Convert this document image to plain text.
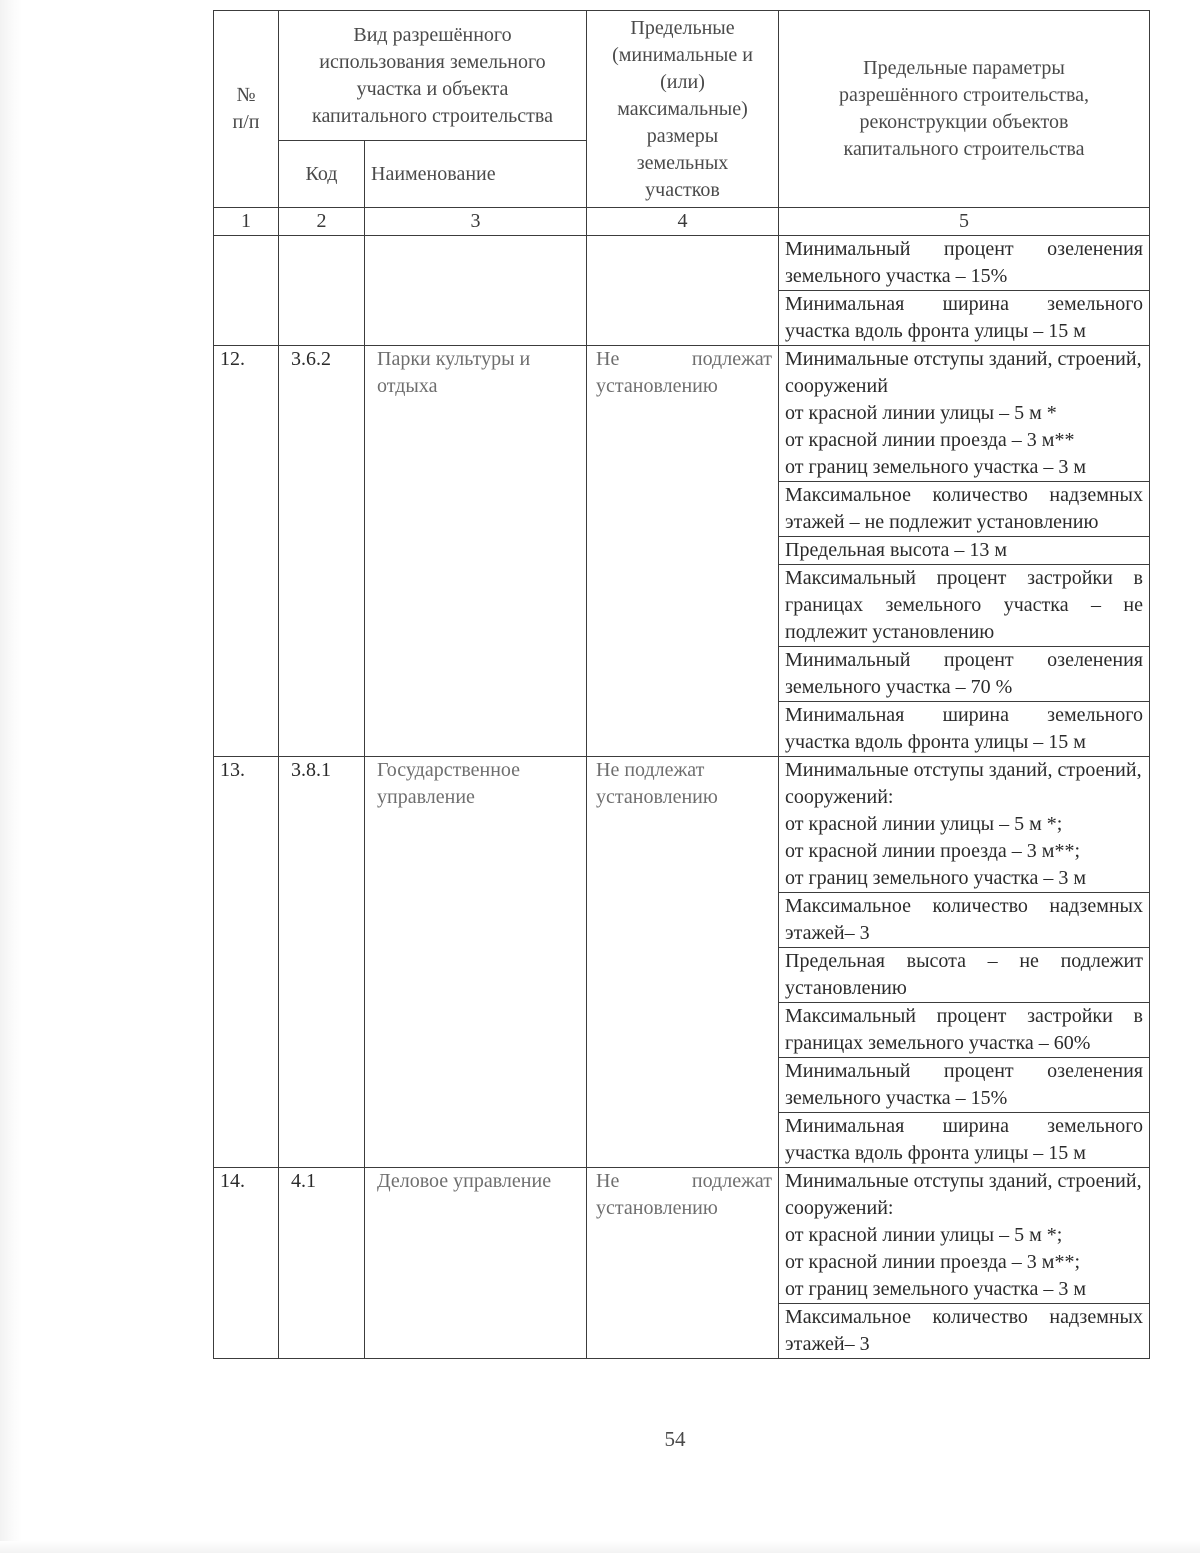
№
п/п	Вид разрешённого использования земельного участка и объекта капитального строительства		Предельные (минимальные и (или) максимальные) размеры земельных участков	Предельные параметры разрешённого строительства, реконструкции объектов капитального строительства
	Код	Наименование		
1	2	3	4	5
				Минимальный процент озеленения земельного участка – 15%
				Минимальная ширина земельного участка вдоль фронта улицы – 15 м
12.	3.6.2	Парки культуры и отдыха	Не подлежат установлению	Минимальные отступы зданий, строений, сооружений
от красной линии улицы – 5 м *
от красной линии проезда – 3 м**
от границ земельного участка – 3 м
				Максимальное количество надземных этажей – не подлежит установлению
				Предельная высота – 13 м
				Максимальный процент застройки в границах земельного участка – не подлежит установлению
				Минимальный процент озеленения земельного участка – 70 %
				Минимальная ширина земельного участка вдоль фронта улицы – 15 м
13.	3.8.1	Государственное управление	Не подлежат установлению	Минимальные отступы зданий, строений, сооружений:
от красной линии улицы – 5 м *;
от красной линии проезда – 3 м**;
от границ земельного участка – 3 м
				Максимальное количество надземных этажей– 3
				Предельная высота – не подлежит установлению
				Максимальный процент застройки в границах земельного участка – 60%
				Минимальный процент озеленения земельного участка – 15%
				Минимальная ширина земельного участка вдоль фронта улицы – 15 м
14.	4.1	Деловое управление	Не подлежат установлению	Минимальные отступы зданий, строений, сооружений:
от красной линии улицы – 5 м *;
от красной линии проезда – 3 м**;
от границ земельного участка – 3 м
				Максимальное количество надземных этажей– 3
54
